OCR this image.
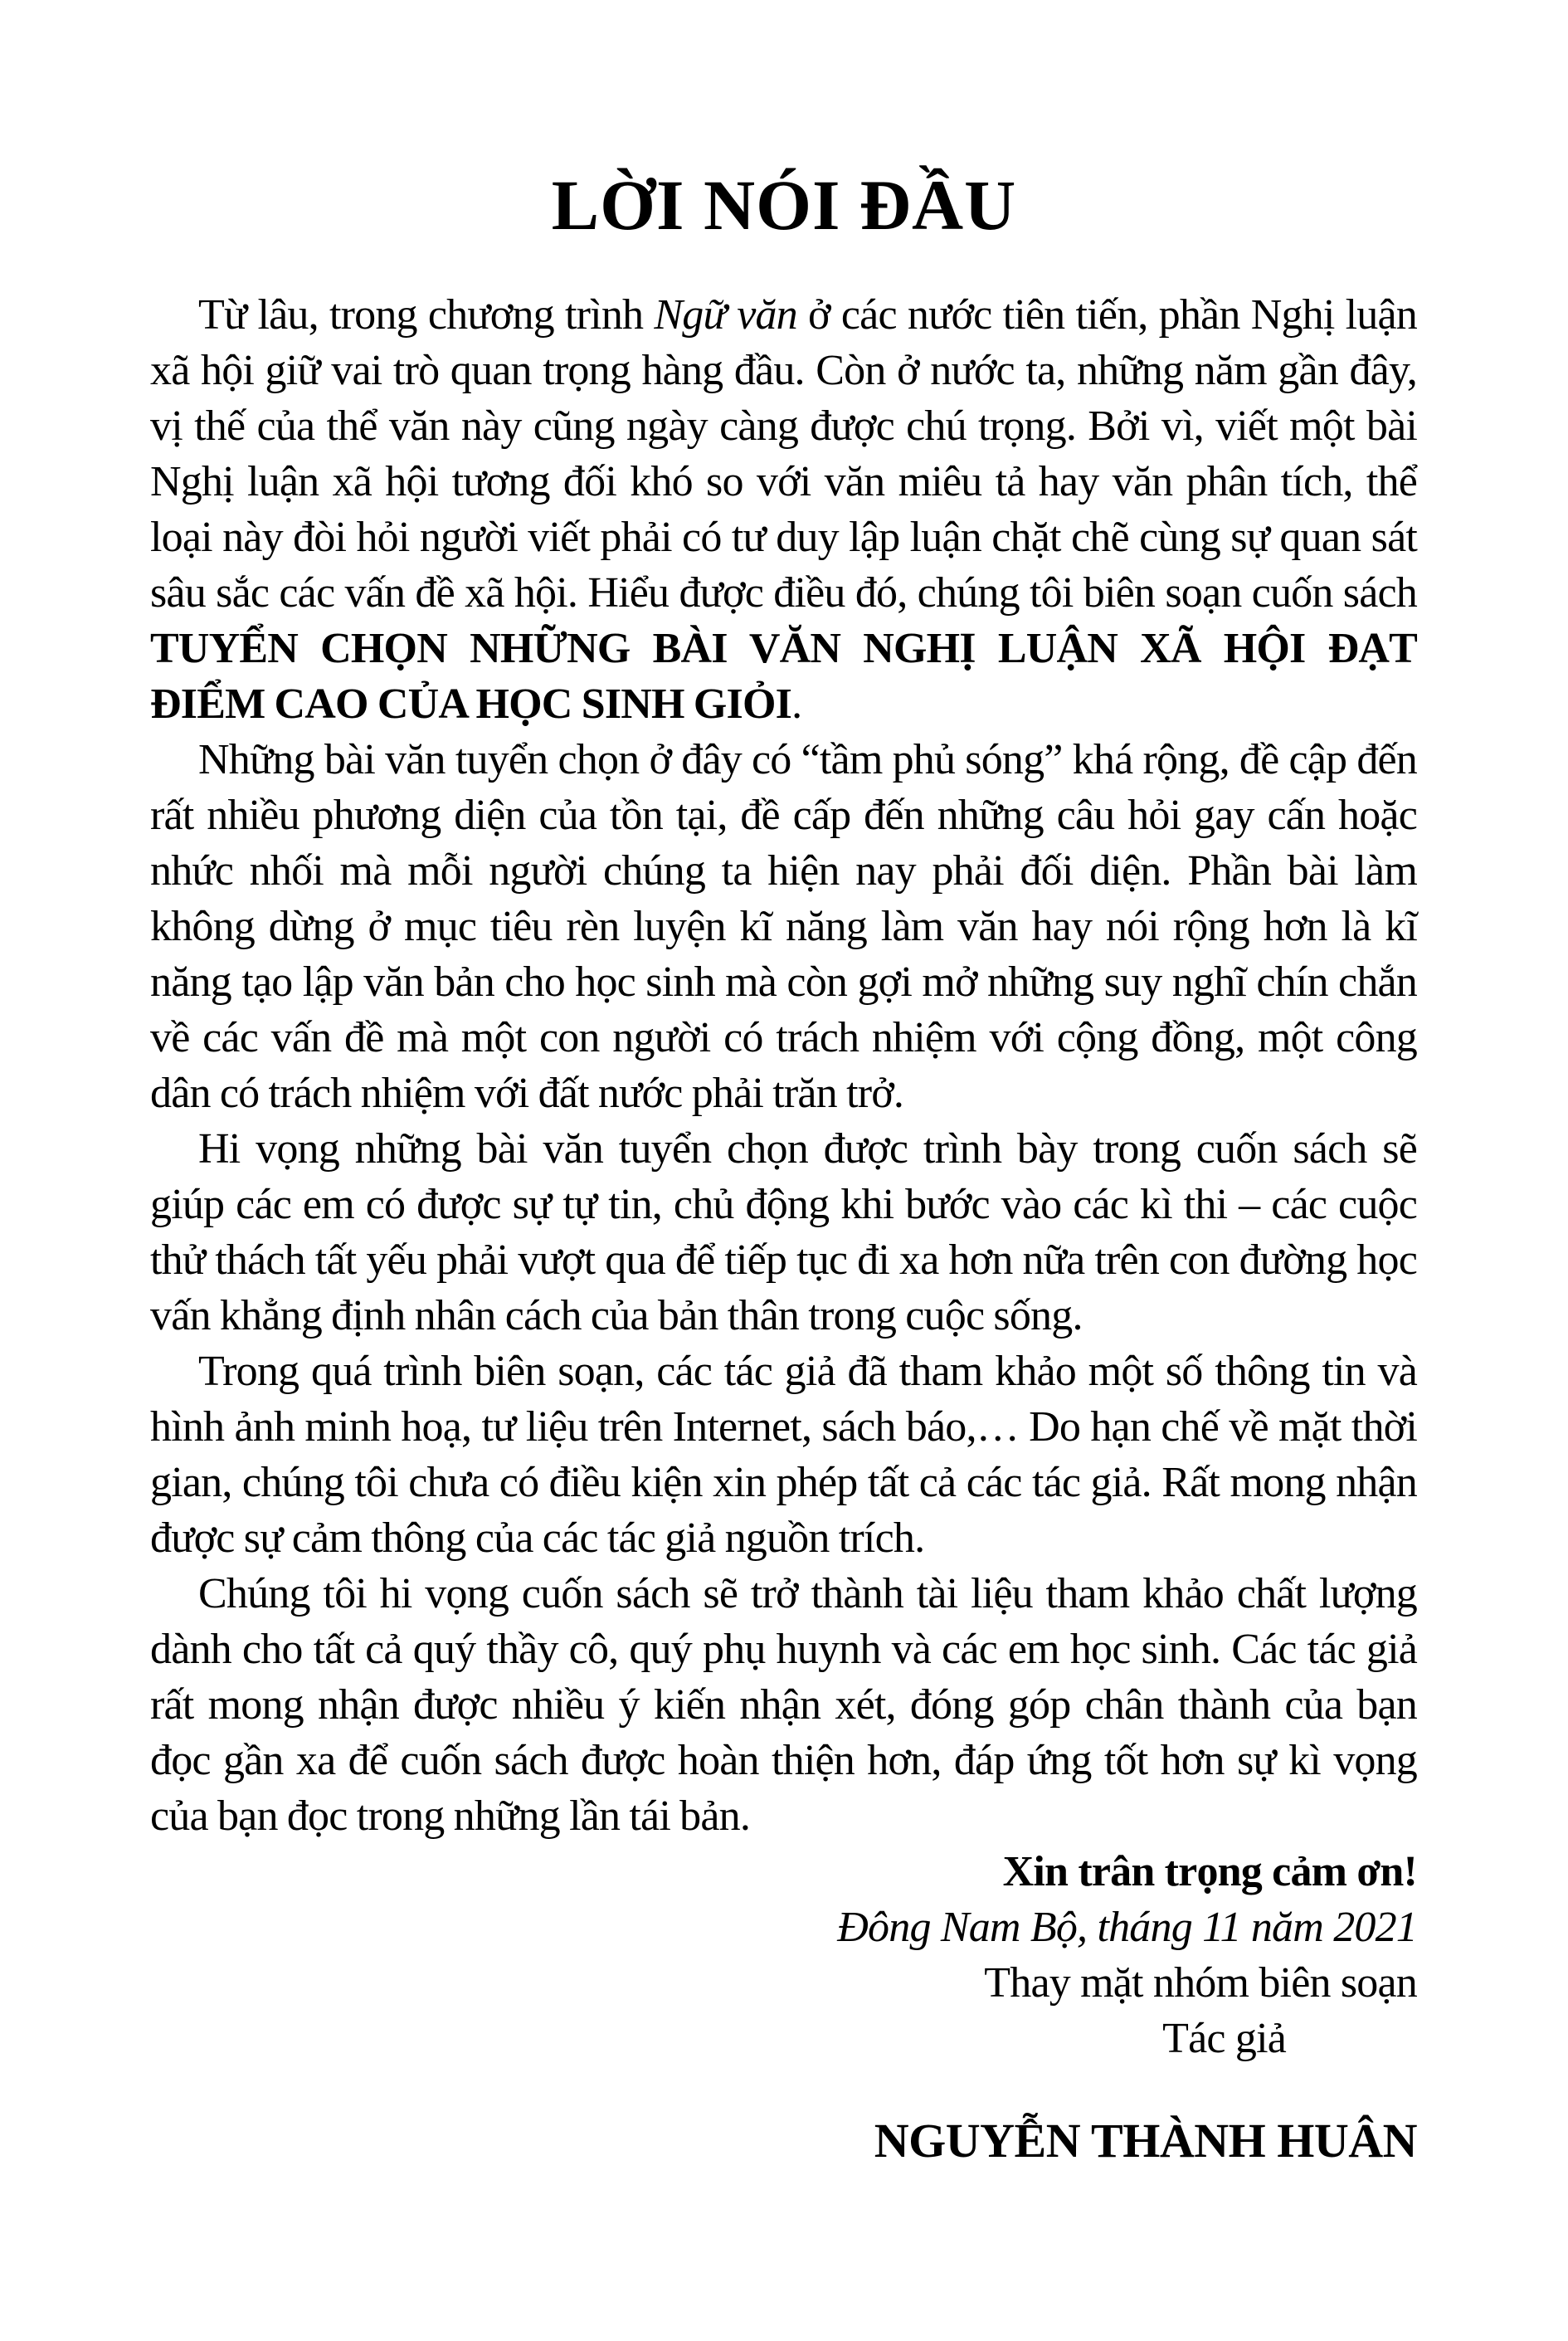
LỜI NÓI ĐẦU

Từ lâu, trong chương trình Ngữ văn ở các nước tiên tiến, phần Nghị luận xã hội giữ vai trò quan trọng hàng đầu. Còn ở nước ta, những năm gần đây, vị thế của thể văn này cũng ngày càng được chú trọng. Bởi vì, viết một bài Nghị luận xã hội tương đối khó so với văn miêu tả hay văn phân tích, thể loại này đòi hỏi người viết phải có tư duy lập luận chặt chẽ cùng sự quan sát sâu sắc các vấn đề xã hội. Hiểu được điều đó, chúng tôi biên soạn cuốn sách TUYỂN CHỌN NHỮNG BÀI VĂN NGHỊ LUẬN XÃ HỘI ĐẠT ĐIỂM CAO CỦA HỌC SINH GIỎI.

Những bài văn tuyển chọn ở đây có “tầm phủ sóng” khá rộng, đề cập đến rất nhiều phương diện của tồn tại, đề cấp đến những câu hỏi gay cấn hoặc nhức nhối mà mỗi người chúng ta hiện nay phải đối diện. Phần bài làm không dừng ở mục tiêu rèn luyện kĩ năng làm văn hay nói rộng hơn là kĩ năng tạo lập văn bản cho học sinh mà còn gợi mở những suy nghĩ chín chắn về các vấn đề mà một con người có trách nhiệm với cộng đồng, một công dân có trách nhiệm với đất nước phải trăn trở.

Hi vọng những bài văn tuyển chọn được trình bày trong cuốn sách sẽ giúp các em có được sự tự tin, chủ động khi bước vào các kì thi – các cuộc thử thách tất yếu phải vượt qua để tiếp tục đi xa hơn nữa trên con đường học vấn khẳng định nhân cách của bản thân trong cuộc sống.

Trong quá trình biên soạn, các tác giả đã tham khảo một số thông tin và hình ảnh minh hoạ, tư liệu trên Internet, sách báo,… Do hạn chế về mặt thời gian, chúng tôi chưa có điều kiện xin phép tất cả các tác giả. Rất mong nhận được sự cảm thông của các tác giả nguồn trích.

Chúng tôi hi vọng cuốn sách sẽ trở thành tài liệu tham khảo chất lượng dành cho tất cả quý thầy cô, quý phụ huynh và các em học sinh. Các tác giả rất mong nhận được nhiều ý kiến nhận xét, đóng góp chân thành của bạn đọc gần xa để cuốn sách được hoàn thiện hơn, đáp ứng tốt hơn sự kì vọng của bạn đọc trong những lần tái bản.

Xin trân trọng cảm ơn!
Đông Nam Bộ, tháng 11 năm 2021
Thay mặt nhóm biên soạn
Tác giả
NGUYỄN THÀNH HUÂN
